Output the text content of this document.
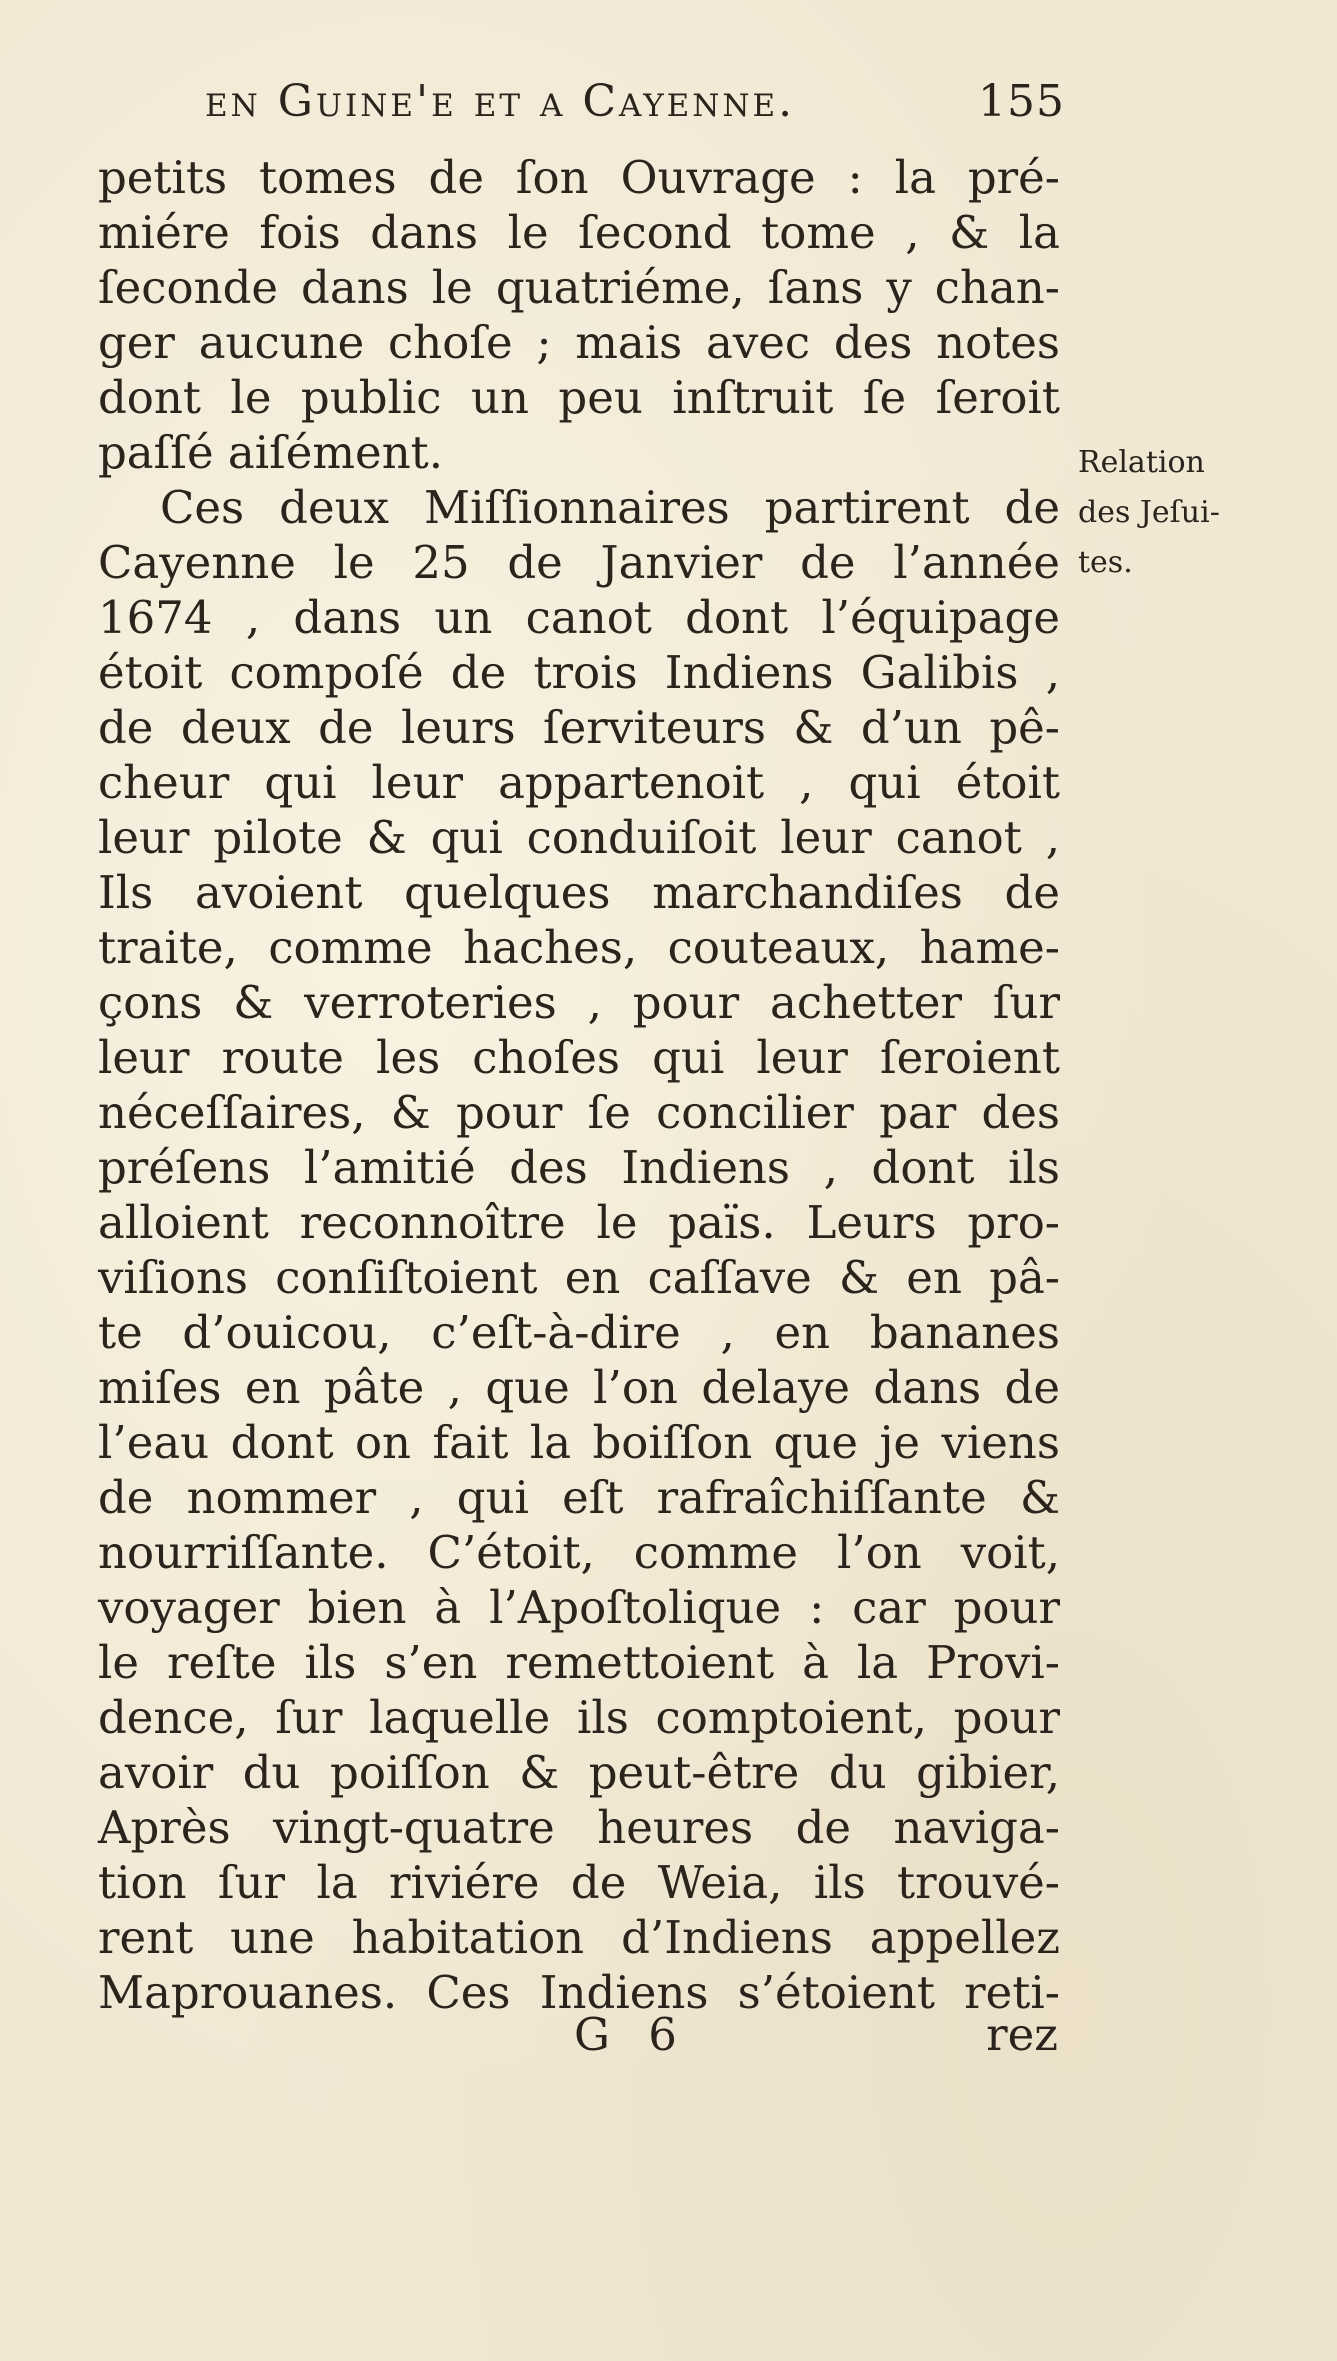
en Guine'e et a Cayenne.	155
petits tomes de ſon Ouvrage : la pré-
miére fois dans le ſecond tome , & la
ſeconde dans le quatriéme, ſans y chan-
ger aucune choſe ; mais avec des notes
dont le public un peu inſtruit ſe ſeroit
paſſé aiſément.
Ces deux Miſſionnaires partirent de
Cayenne le 25 de Janvier de l’année
1674 , dans un canot dont l’équipage
étoit compoſé de trois Indiens Galibis ,
de deux de leurs ſerviteurs & d’un pê-
cheur qui leur appartenoit , qui étoit
leur pilote & qui conduiſoit leur canot ,
Ils avoient quelques marchandiſes de
traite, comme haches, couteaux, hame-
çons & verroteries , pour achetter ſur
leur route les choſes qui leur ſeroient
néceſſaires, & pour ſe concilier par des
préſens l’amitié des Indiens , dont ils
alloient reconnoître le païs. Leurs pro-
viſions conſiſtoient en caſſave & en pâ-
te d’ouicou, c’eſt-à-dire , en bananes
miſes en pâte , que l’on delaye dans de
l’eau dont on fait la boiſſon que je viens
de nommer , qui eſt rafraîchiſſante &
nourriſſante. C’étoit, comme l’on voit,
voyager bien à l’Apoſtolique : car pour
le reſte ils s’en remettoient à la Provi-
dence, ſur laquelle ils comptoient, pour
avoir du poiſſon & peut-être du gibier,
Après vingt-quatre heures de naviga-
tion ſur la riviére de Weia, ils trouvé-
rent une habitation d’Indiens appellez
Maprouanes. Ces Indiens s’étoient reti-
Relation
des Jeſui-
tes.
G 6	rez
